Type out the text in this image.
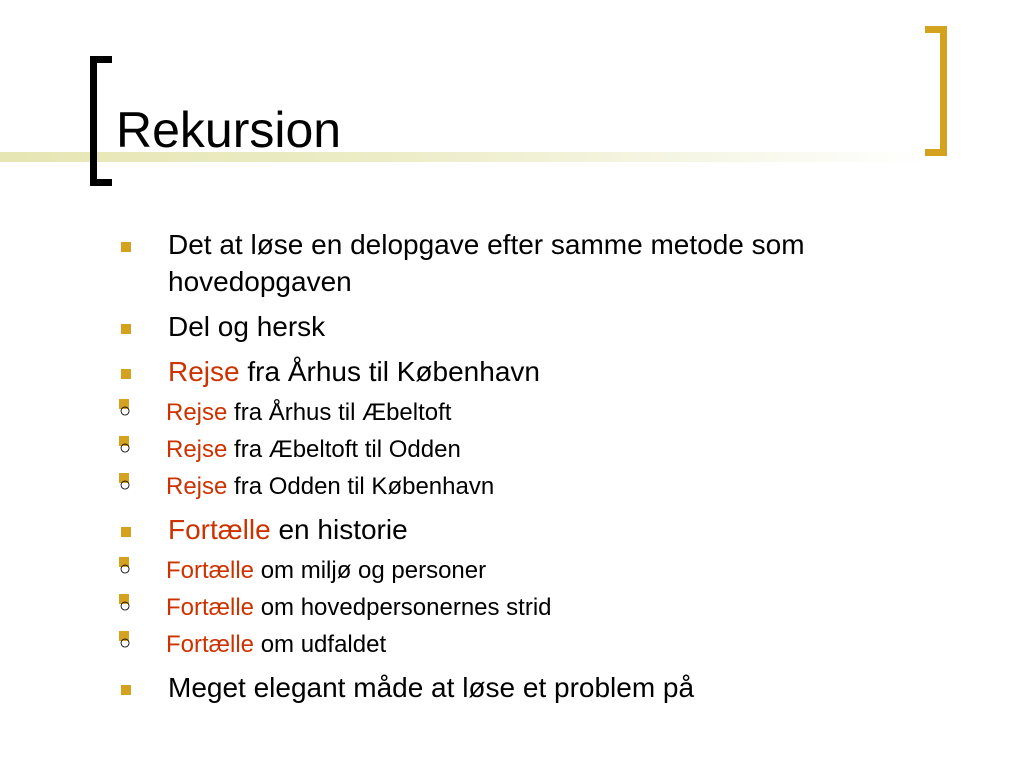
Rekursion
Det at løse en delopgave efter samme metode som hovedopgaven
Del og hersk
Rejse fra Århus til København
○ Rejse fra Århus til Æbeltoft
○ Rejse fra Æbeltoft til Odden
○ Rejse fra Odden til København
Fortælle en historie
○ Fortælle om miljø og personer
○ Fortælle om hovedpersonernes strid
○ Fortælle om udfaldet
Meget elegant måde at løse et problem på
